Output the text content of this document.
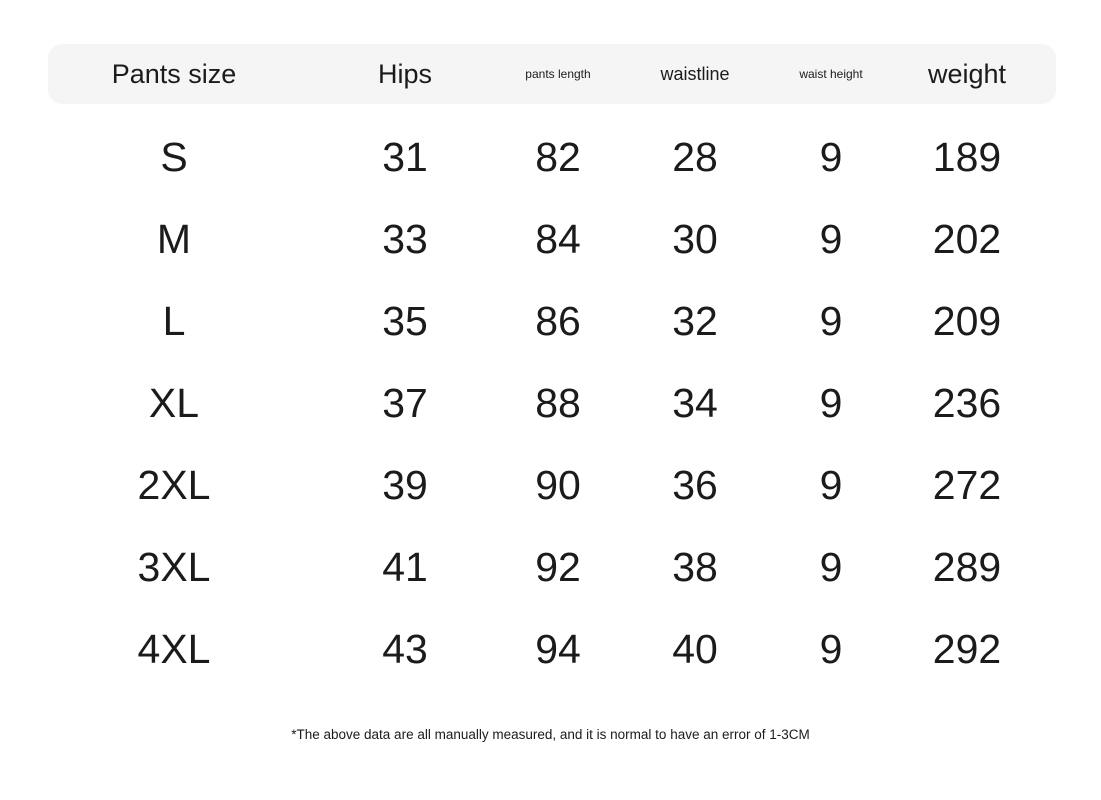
Pants size	Hips	pants length	waistline	waist height	weight
S	31	82	28	9	189
M	33	84	30	9	202
L	35	86	32	9	209
XL	37	88	34	9	236
2XL	39	90	36	9	272
3XL	41	92	38	9	289
4XL	43	94	40	9	292
*The above data are all manually measured, and it is normal to have an error of 1-3CM
